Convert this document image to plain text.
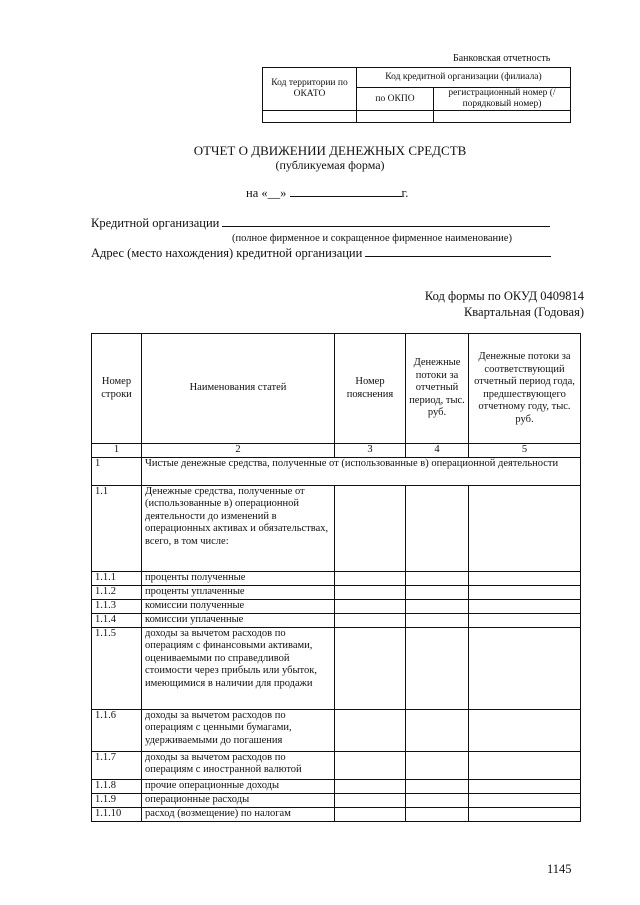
Банковская отчетность
Код территории по ОКАТО	Код кредитной организации (филиала)	
	по ОКПО	регистрационный номер (/порядковый номер)

ОТЧЕТ О ДВИЖЕНИИ ДЕНЕЖНЫХ СРЕДСТВ
(публикуемая форма)
на «__»	г.
Кредитной организации
(полное фирменное и сокращенное фирменное наименование)
Адрес (место нахождения) кредитной организации
Код формы по ОКУД 0409814
Квартальная (Годовая)
Номер строки	Наименования статей	Номер пояснения	Денежные потоки за отчетный период, тыс. руб.	Денежные потоки за соответствующий отчетный период года, предшествующего отчетному году, тыс. руб.
1	2	3	4	5
1	Чистые денежные средства, полученные от (использованные в) операционной деятельности			
1.1	Денежные средства, полученные от (использованные в) операционной деятельности до изменений в операционных активах и обязательствах, всего, в том числе:			
1.1.1	проценты полученные			
1.1.2	проценты уплаченные			
1.1.3	комиссии полученные			
1.1.4	комиссии уплаченные			
1.1.5	доходы за вычетом расходов по операциям с финансовыми активами, оцениваемыми по справедливой стоимости через прибыль или убыток, имеющимися в наличии для продажи			
1.1.6	доходы за вычетом расходов по операциям с ценными бумагами, удерживаемыми до погашения			
1.1.7	доходы за вычетом расходов по операциям с иностранной валютой			
1.1.8	прочие операционные доходы			
1.1.9	операционные расходы			
1.1.10	расход (возмещение) по налогам			
1145
